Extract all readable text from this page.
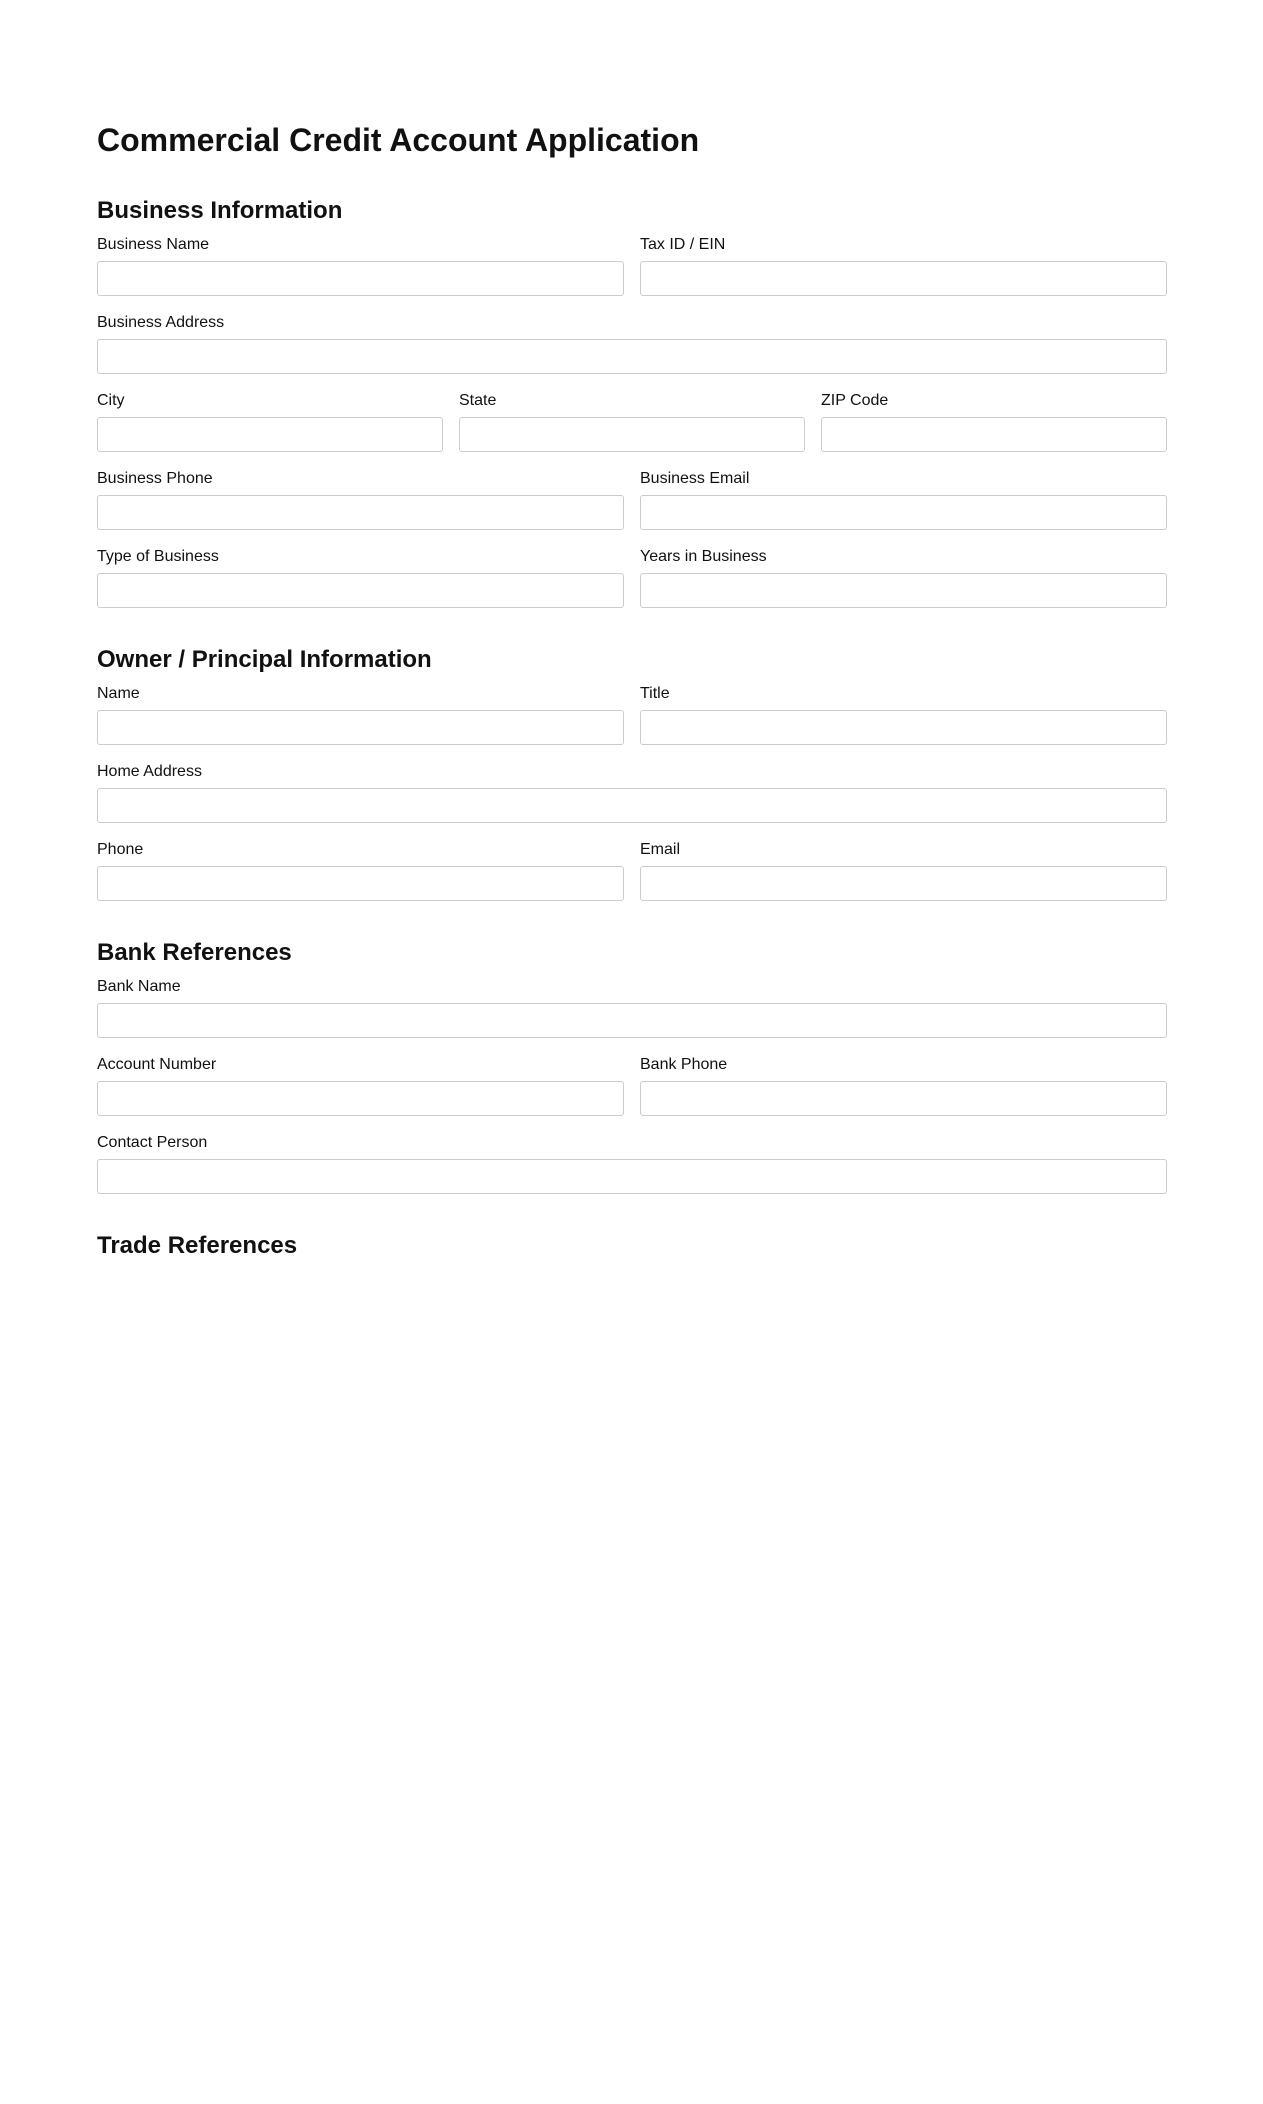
Commercial Credit Account Application
Business Information
Business Name	Tax ID / EIN
Business Address
City	State	ZIP Code
Business Phone	Business Email
Type of Business	Years in Business
Owner / Principal Information
Name	Title
Home Address
Phone	Email
Bank References
Bank Name
Account Number	Bank Phone
Contact Person
Trade References
